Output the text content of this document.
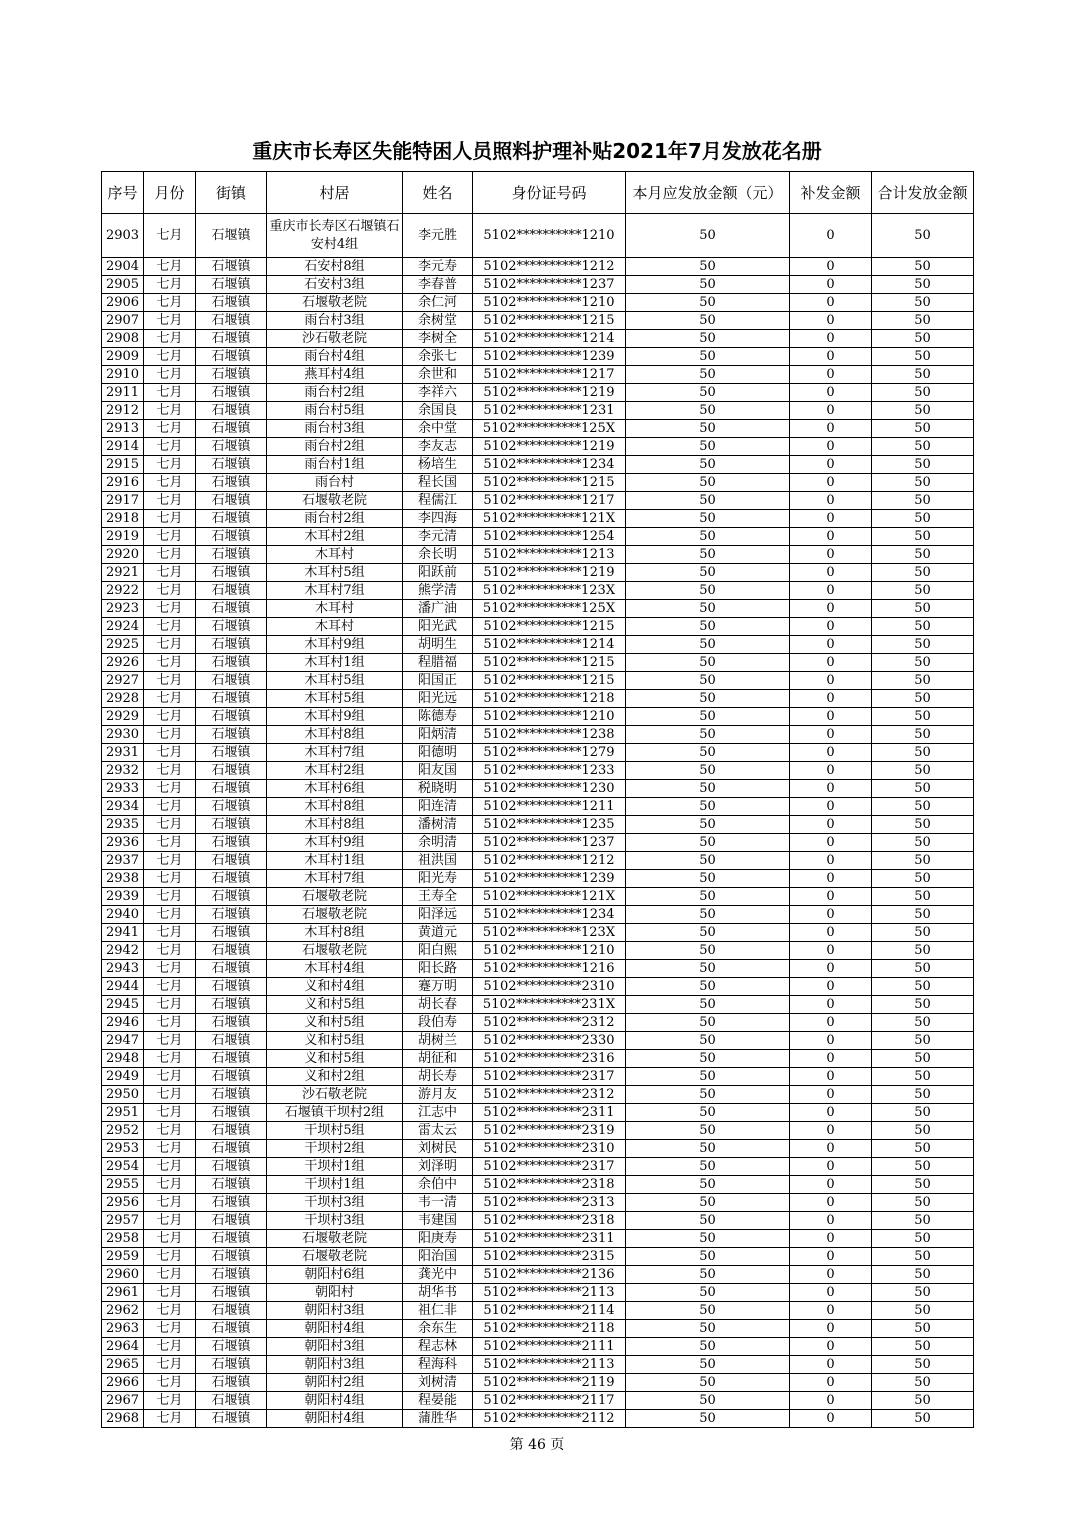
重庆市长寿区失能特困人员照料护理补贴2021年7月发放花名册
序号	月份	街镇	村居	姓名	身份证号码	本月应发放金额（元）	补发金额	合计发放金额
2903	七月	石堰镇	重庆市长寿区石堰镇石安村4组	李元胜	5102**********1210	50	0	50
2904	七月	石堰镇	石安村8组	李元寿	5102**********1212	50	0	50
2905	七月	石堰镇	石安村3组	李春普	5102**********1237	50	0	50
2906	七月	石堰镇	石堰敬老院	余仁河	5102**********1210	50	0	50
2907	七月	石堰镇	雨台村3组	余树堂	5102**********1215	50	0	50
2908	七月	石堰镇	沙石敬老院	李树全	5102**********1214	50	0	50
2909	七月	石堰镇	雨台村4组	余张七	5102**********1239	50	0	50
2910	七月	石堰镇	燕耳村4组	余世和	5102**********1217	50	0	50
2911	七月	石堰镇	雨台村2组	李祥六	5102**********1219	50	0	50
2912	七月	石堰镇	雨台村5组	余国良	5102**********1231	50	0	50
2913	七月	石堰镇	雨台村3组	余中堂	5102**********125X	50	0	50
2914	七月	石堰镇	雨台村2组	李友志	5102**********1219	50	0	50
2915	七月	石堰镇	雨台村1组	杨培生	5102**********1234	50	0	50
2916	七月	石堰镇	雨台村	程长国	5102**********1215	50	0	50
2917	七月	石堰镇	石堰敬老院	程儒江	5102**********1217	50	0	50
2918	七月	石堰镇	雨台村2组	李四海	5102**********121X	50	0	50
2919	七月	石堰镇	木耳村2组	李元清	5102**********1254	50	0	50
2920	七月	石堰镇	木耳村	余长明	5102**********1213	50	0	50
2921	七月	石堰镇	木耳村5组	阳跃前	5102**********1219	50	0	50
2922	七月	石堰镇	木耳村7组	熊学清	5102**********123X	50	0	50
2923	七月	石堰镇	木耳村	潘广油	5102**********125X	50	0	50
2924	七月	石堰镇	木耳村	阳光武	5102**********1215	50	0	50
2925	七月	石堰镇	木耳村9组	胡明生	5102**********1214	50	0	50
2926	七月	石堰镇	木耳村1组	程腊福	5102**********1215	50	0	50
2927	七月	石堰镇	木耳村5组	阳国正	5102**********1215	50	0	50
2928	七月	石堰镇	木耳村5组	阳光远	5102**********1218	50	0	50
2929	七月	石堰镇	木耳村9组	陈德寿	5102**********1210	50	0	50
2930	七月	石堰镇	木耳村8组	阳炳清	5102**********1238	50	0	50
2931	七月	石堰镇	木耳村7组	阳德明	5102**********1279	50	0	50
2932	七月	石堰镇	木耳村2组	阳友国	5102**********1233	50	0	50
2933	七月	石堰镇	木耳村6组	税晓明	5102**********1230	50	0	50
2934	七月	石堰镇	木耳村8组	阳连清	5102**********1211	50	0	50
2935	七月	石堰镇	木耳村8组	潘树清	5102**********1235	50	0	50
2936	七月	石堰镇	木耳村9组	余明清	5102**********1237	50	0	50
2937	七月	石堰镇	木耳村1组	祖洪国	5102**********1212	50	0	50
2938	七月	石堰镇	木耳村7组	阳光寿	5102**********1239	50	0	50
2939	七月	石堰镇	石堰敬老院	王寿全	5102**********121X	50	0	50
2940	七月	石堰镇	石堰敬老院	阳泽远	5102**********1234	50	0	50
2941	七月	石堰镇	木耳村8组	黄道元	5102**********123X	50	0	50
2942	七月	石堰镇	石堰敬老院	阳白熙	5102**********1210	50	0	50
2943	七月	石堰镇	木耳村4组	阳长路	5102**********1216	50	0	50
2944	七月	石堰镇	义和村4组	蹇万明	5102**********2310	50	0	50
2945	七月	石堰镇	义和村5组	胡长春	5102**********231X	50	0	50
2946	七月	石堰镇	义和村5组	段伯寿	5102**********2312	50	0	50
2947	七月	石堰镇	义和村5组	胡树兰	5102**********2330	50	0	50
2948	七月	石堰镇	义和村5组	胡征和	5102**********2316	50	0	50
2949	七月	石堰镇	义和村2组	胡长寿	5102**********2317	50	0	50
2950	七月	石堰镇	沙石敬老院	游月友	5102**********2312	50	0	50
2951	七月	石堰镇	石堰镇干坝村2组	江志中	5102**********2311	50	0	50
2952	七月	石堰镇	干坝村5组	雷太云	5102**********2319	50	0	50
2953	七月	石堰镇	干坝村2组	刘树民	5102**********2310	50	0	50
2954	七月	石堰镇	干坝村1组	刘泽明	5102**********2317	50	0	50
2955	七月	石堰镇	干坝村1组	余伯中	5102**********2318	50	0	50
2956	七月	石堰镇	干坝村3组	韦一清	5102**********2313	50	0	50
2957	七月	石堰镇	干坝村3组	韦建国	5102**********2318	50	0	50
2958	七月	石堰镇	石堰敬老院	阳庚寿	5102**********2311	50	0	50
2959	七月	石堰镇	石堰敬老院	阳治国	5102**********2315	50	0	50
2960	七月	石堰镇	朝阳村6组	龚光中	5102**********2136	50	0	50
2961	七月	石堰镇	朝阳村	胡华书	5102**********2113	50	0	50
2962	七月	石堰镇	朝阳村3组	祖仁非	5102**********2114	50	0	50
2963	七月	石堰镇	朝阳村4组	余东生	5102**********2118	50	0	50
2964	七月	石堰镇	朝阳村3组	程志林	5102**********2111	50	0	50
2965	七月	石堰镇	朝阳村3组	程海科	5102**********2113	50	0	50
2966	七月	石堰镇	朝阳村2组	刘树清	5102**********2119	50	0	50
2967	七月	石堰镇	朝阳村4组	程晏能	5102**********2117	50	0	50
2968	七月	石堰镇	朝阳村4组	蒲胜华	5102**********2112	50	0	50
第 46 页
